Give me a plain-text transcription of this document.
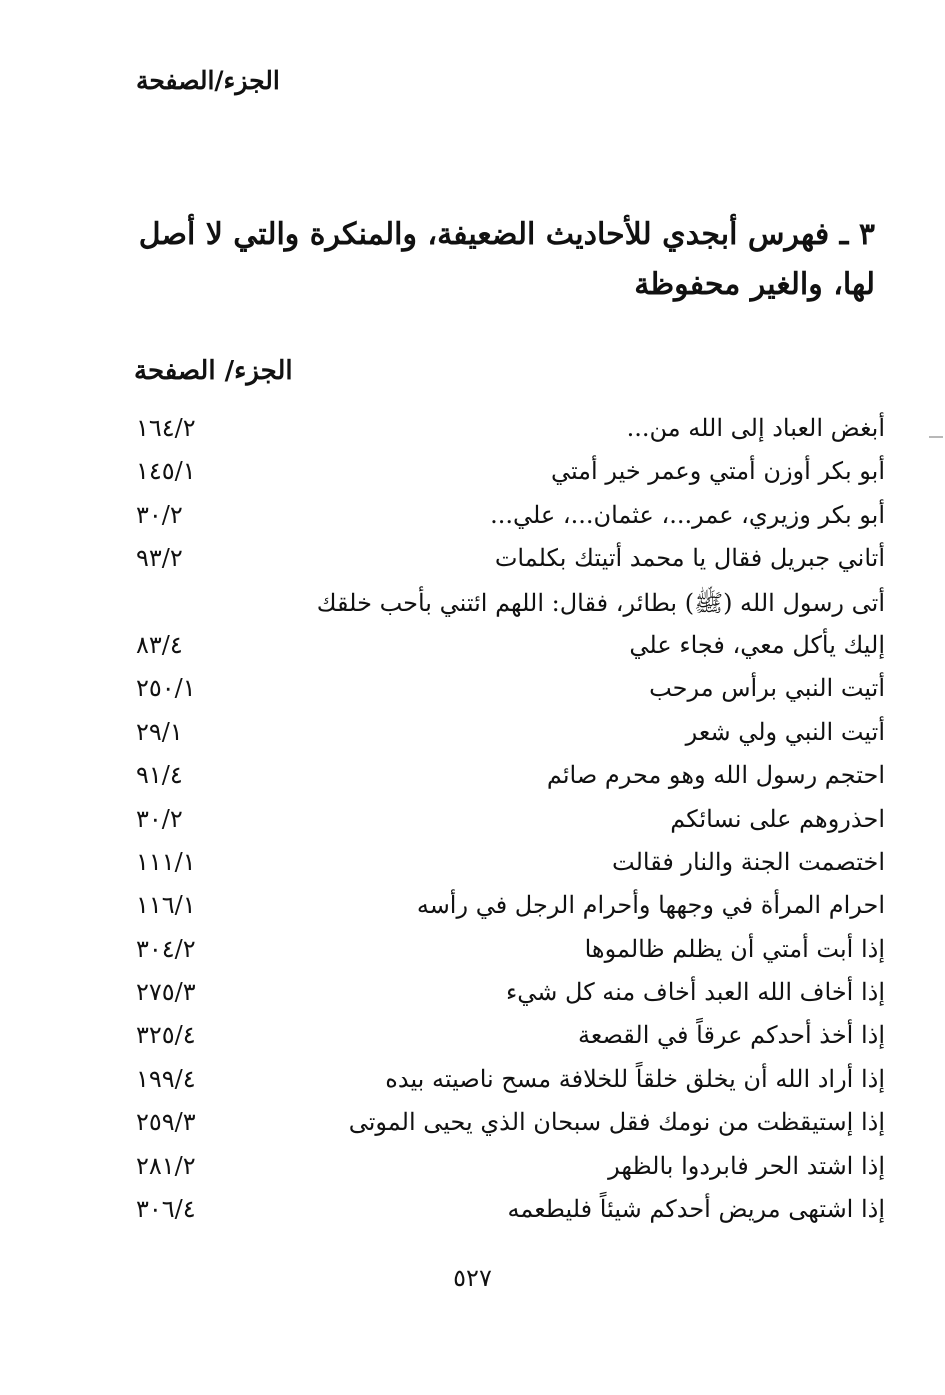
الجزء/الصفحة
٣ ـ فهرس أبجدي للأحاديث الضعيفة، والمنكرة والتي لا أصل لها، والغير محفوظة
الجزء/ الصفحة
أبغض العباد إلى الله من...
١٦٤/٢
أبو بكر أوزن أمتي وعمر خير أمتي
١٤٥/١
أبو بكر وزيري، عمر...، عثمان...، علي...
٣٠/٢
أتاني جبريل فقال يا محمد أتيتك بكلمات
٩٣/٢
أتى رسول الله (ﷺ) بطائر، فقال: اللهم ائتني بأحب خلقك
إليك يأكل معي، فجاء علي
٨٣/٤
أتيت النبي برأس مرحب
٢٥٠/١
أتيت النبي ولي شعر
٢٩/١
احتجم رسول الله وهو محرم صائم
٩١/٤
احذروهم على نسائكم
٣٠/٢
اختصمت الجنة والنار فقالت
١١١/١
احرام المرأة في وجهها وأحرام الرجل في رأسه
١١٦/١
إذا أبت أمتي أن يظلم ظالموها
٣٠٤/٢
إذا أخاف الله العبد أخاف منه كل شيء
٢٧٥/٣
إذا أخذ أحدكم عرقاً في القصعة
٣٢٥/٤
إذا أراد الله أن يخلق خلقاً للخلافة مسح ناصيته بيده
١٩٩/٤
إذا إستيقظت من نومك فقل سبحان الذي يحيى الموتى
٢٥٩/٣
إذا اشتد الحر فابردوا بالظهر
٢٨١/٢
إذا اشتهى مريض أحدكم شيئاً فليطعمه
٣٠٦/٤
٥٢٧
